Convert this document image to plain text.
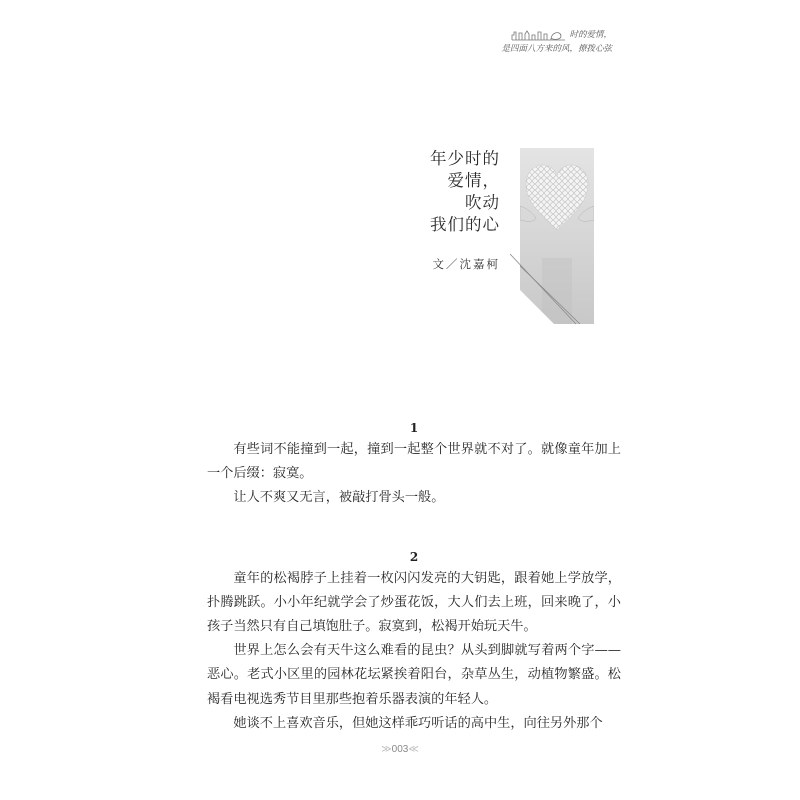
时的爱情，
是四面八方来的风，撩拨心弦
年少时的
爱情，
吹动
我们的心
文／沈嘉柯
1

有些词不能撞到一起，撞到一起整个世界就不对了。就像童年加上一个后缀：寂寞。

让人不爽又无言，被敲打骨头一般。

2

童年的松褐脖子上挂着一枚闪闪发亮的大钥匙，跟着她上学放学，扑腾跳跃。小小年纪就学会了炒蛋花饭，大人们去上班，回来晚了，小孩子当然只有自己填饱肚子。寂寞到，松褐开始玩天牛。

世界上怎么会有天牛这么难看的昆虫？从头到脚就写着两个字——恶心。老式小区里的园林花坛紧挨着阳台，杂草丛生，动植物繁盛。松褐看电视选秀节目里那些抱着乐器表演的年轻人。

她谈不上喜欢音乐，但她这样乖巧听话的高中生，向往另外那个

≫003≪
